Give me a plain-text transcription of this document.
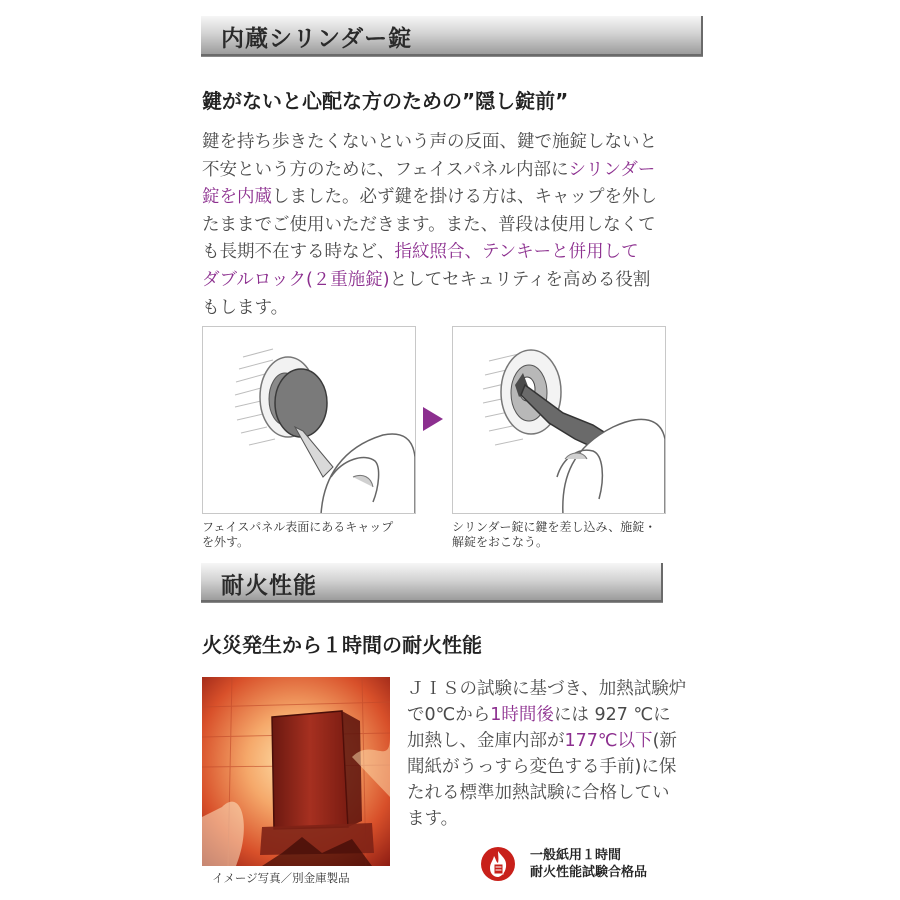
内蔵シリンダー錠
鍵がないと心配な方のための”隠し錠前”
鍵を持ち歩きたくないという声の反面、鍵で施錠しないと
不安という方のために、フェイスパネル内部にシリンダー
錠を内蔵しました。必ず鍵を掛ける方は、キャップを外し
たままでご使用いただきます。また、普段は使用しなくて
も長期不在する時など、指紋照合、テンキーと併用して
ダブルロック(２重施錠)としてセキュリティを高める役割
もします。
フェイスパネル表面にあるキャップ
を外す。
シリンダー錠に鍵を差し込み、施錠・
解錠をおこなう。
耐火性能
火災発生から１時間の耐火性能
イメージ写真／別金庫製品
ＪＩＳの試験に基づき、加熱試験炉
で0℃から1時間後には 927 ℃に
加熱し、金庫内部が177℃以下(新
聞紙がうっすら変色する手前)に保
たれる標準加熱試験に合格してい
ます。
一般紙用１時間
耐火性能試験合格品
